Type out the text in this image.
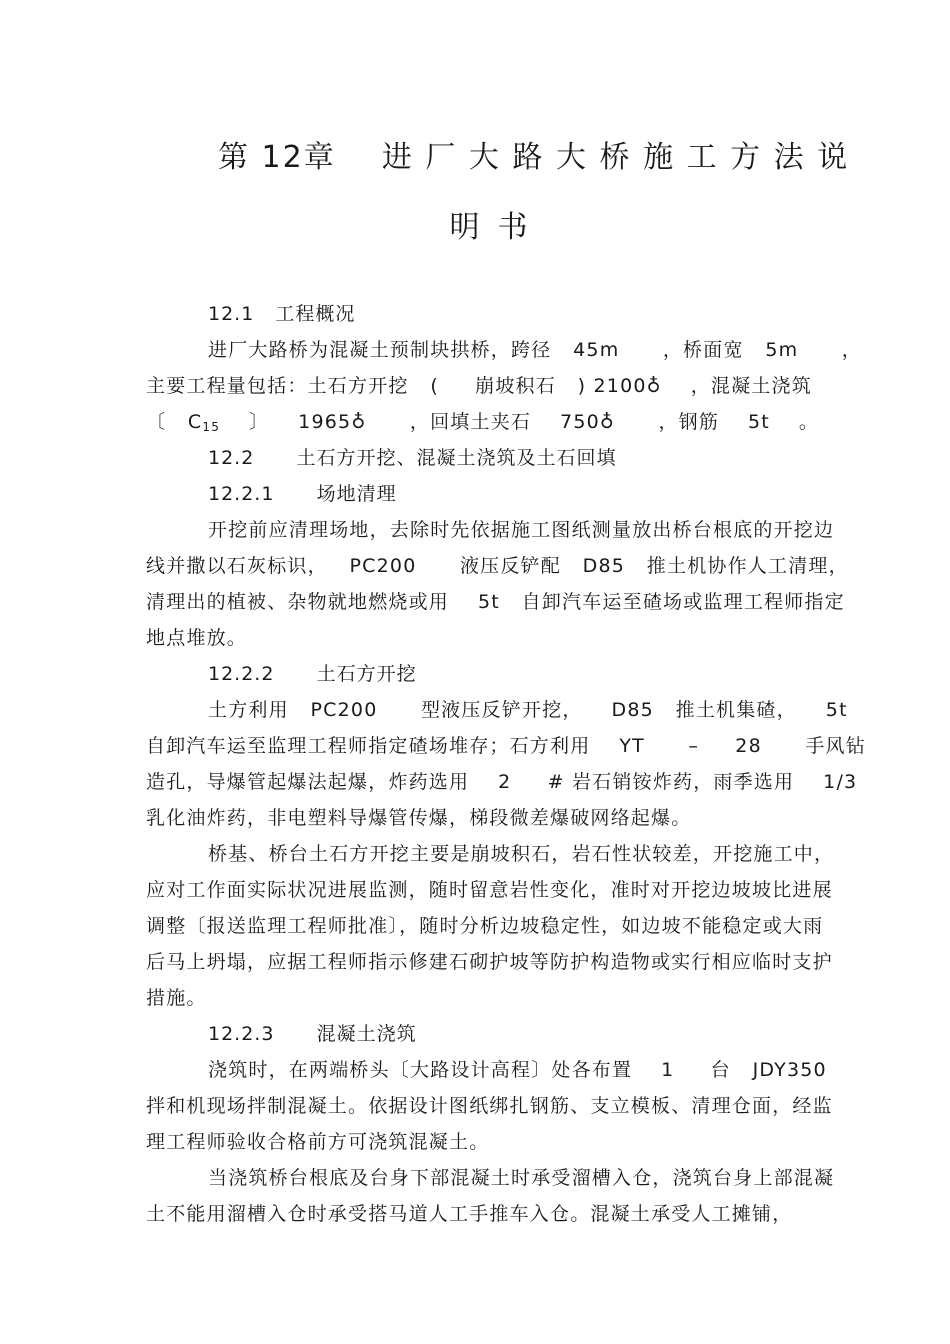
第 12章    进 厂 大 路 大 桥 施 工 方 法 说
明书
12.1   工程概况
进厂大路桥为混凝土预制块拱桥，跨径   45m      ，桥面宽   5m      ，
主要工程量包括：土石方开挖   (     崩坡积石   ) 2100♁    ，混凝土浇筑
〔   $C_{15}$    〕    1965♁      ，回填土夹石    750♁      ，钢筋    5t    。
12.2      土石方开挖、混凝土浇筑及土石回填
12.2.1      场地清理
开挖前应清理场地，去除时先依据施工图纸测量放出桥台根底的开挖边
线并撒以石灰标识，   PC200      液压反铲配   D85   推土机协作人工清理，
清理出的植被、杂物就地燃烧或用    5t   自卸汽车运至碴场或监理工程师指定
地点堆放。
12.2.2      土石方开挖
土方利用   PC200      型液压反铲开挖，    D85   推土机集碴，    5t
自卸汽车运至监理工程师指定碴场堆存；石方利用    YT      –     28      手风钻
造孔，导爆管起爆法起爆，炸药选用    2     # 岩石销铵炸药，雨季选用    1/3
乳化油炸药，非电塑料导爆管传爆，梯段微差爆破网络起爆。
桥基、桥台土石方开挖主要是崩坡积石，岩石性状较差，开挖施工中，
应对工作面实际状况进展监测，随时留意岩性变化，准时对开挖边坡坡比进展
调整〔报送监理工程师批准〕，随时分析边坡稳定性，如边坡不能稳定或大雨
后马上坍塌，应据工程师指示修建石砌护坡等防护构造物或实行相应临时支护
措施。
12.2.3      混凝土浇筑
浇筑时，在两端桥头〔大路设计高程〕处各布置    1     台   JDY350
拌和机现场拌制混凝土。依据设计图纸绑扎钢筋、支立模板、清理仓面，经监
理工程师验收合格前方可浇筑混凝土。
当浇筑桥台根底及台身下部混凝土时承受溜槽入仓，浇筑台身上部混凝
土不能用溜槽入仓时承受搭马道人工手推车入仓。混凝土承受人工摊铺，
